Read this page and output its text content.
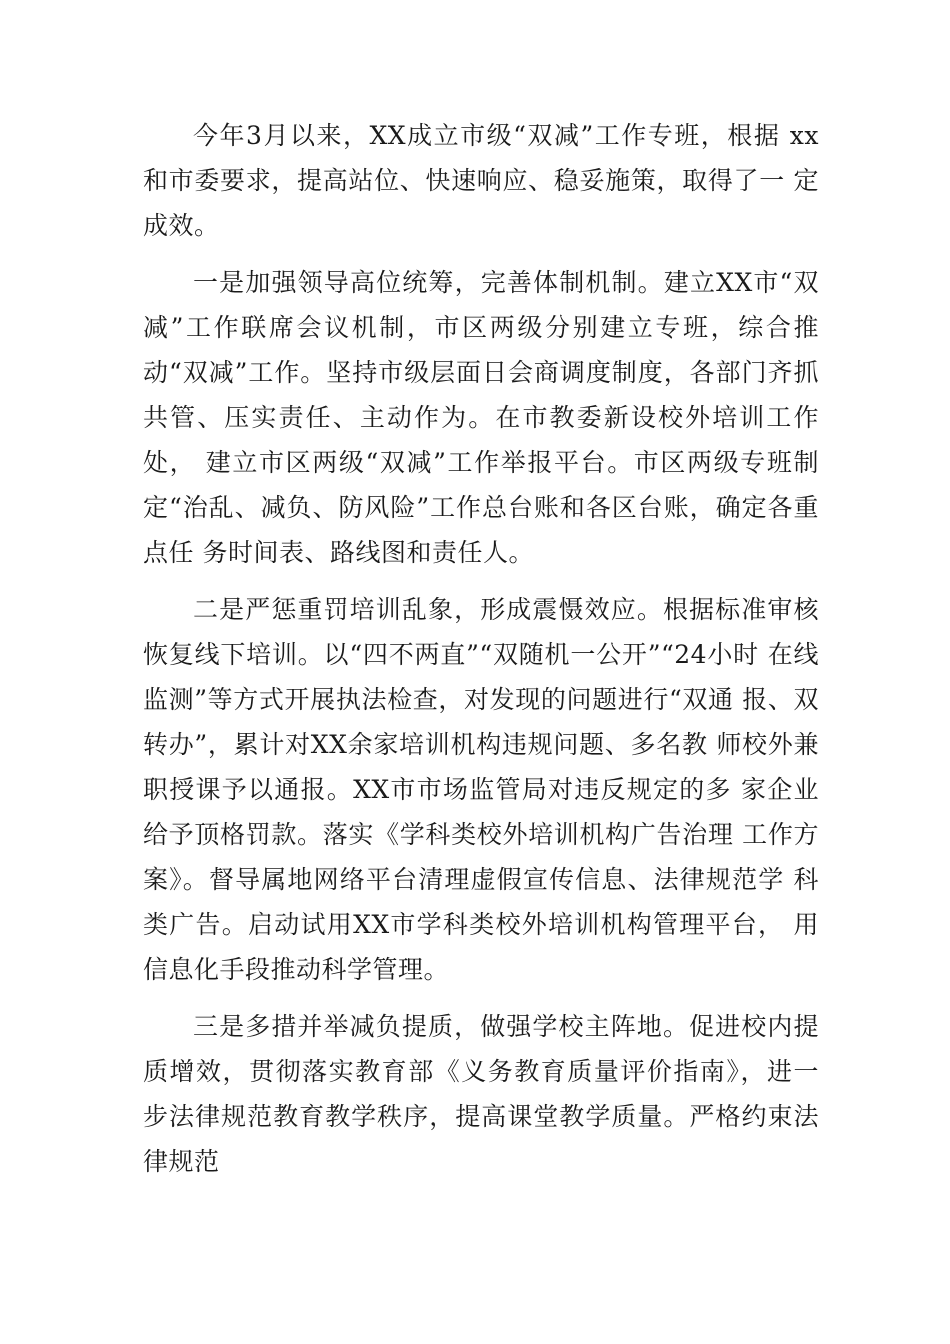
今年3月以来，XX成立市级“双减”工作专班，根据 xx和市委要求，提高站位、快速响应、稳妥施策，取得了一 定成效。

一是加强领导高位统筹，完善体制机制。建立XX市“双减”工作联席会议机制，市区两级分别建立专班，综合推动“双减”工作。坚持市级层面日会商调度制度，各部门齐抓 共管、压实责任、主动作为。在市教委新设校外培训工作处， 建立市区两级“双减”工作举报平台。市区两级专班制定“治乱、减负、防风险”工作总台账和各区台账，确定各重点任 务时间表、路线图和责任人。

二是严惩重罚培训乱象，形成震慑效应。根据标准审核 恢复线下培训。以“四不两直”“双随机一公开”“24小时 在线监测”等方式开展执法检查，对发现的问题进行“双通 报、双转办”，累计对XX余家培训机构违规问题、多名教 师校外兼职授课予以通报。XX市市场监管局对违反规定的多 家企业给予顶格罚款。落实《学科类校外培训机构广告治理 工作方案》。督导属地网络平台清理虚假宣传信息、法律规范学 科类广告。启动试用XX市学科类校外培训机构管理平台， 用信息化手段推动科学管理。

三是多措并举减负提质，做强学校主阵地。促进校内提 质增效，贯彻落实教育部《义务教育质量评价指南》，进一 步法律规范教育教学秩序，提高课堂教学质量。严格约束法律规范
